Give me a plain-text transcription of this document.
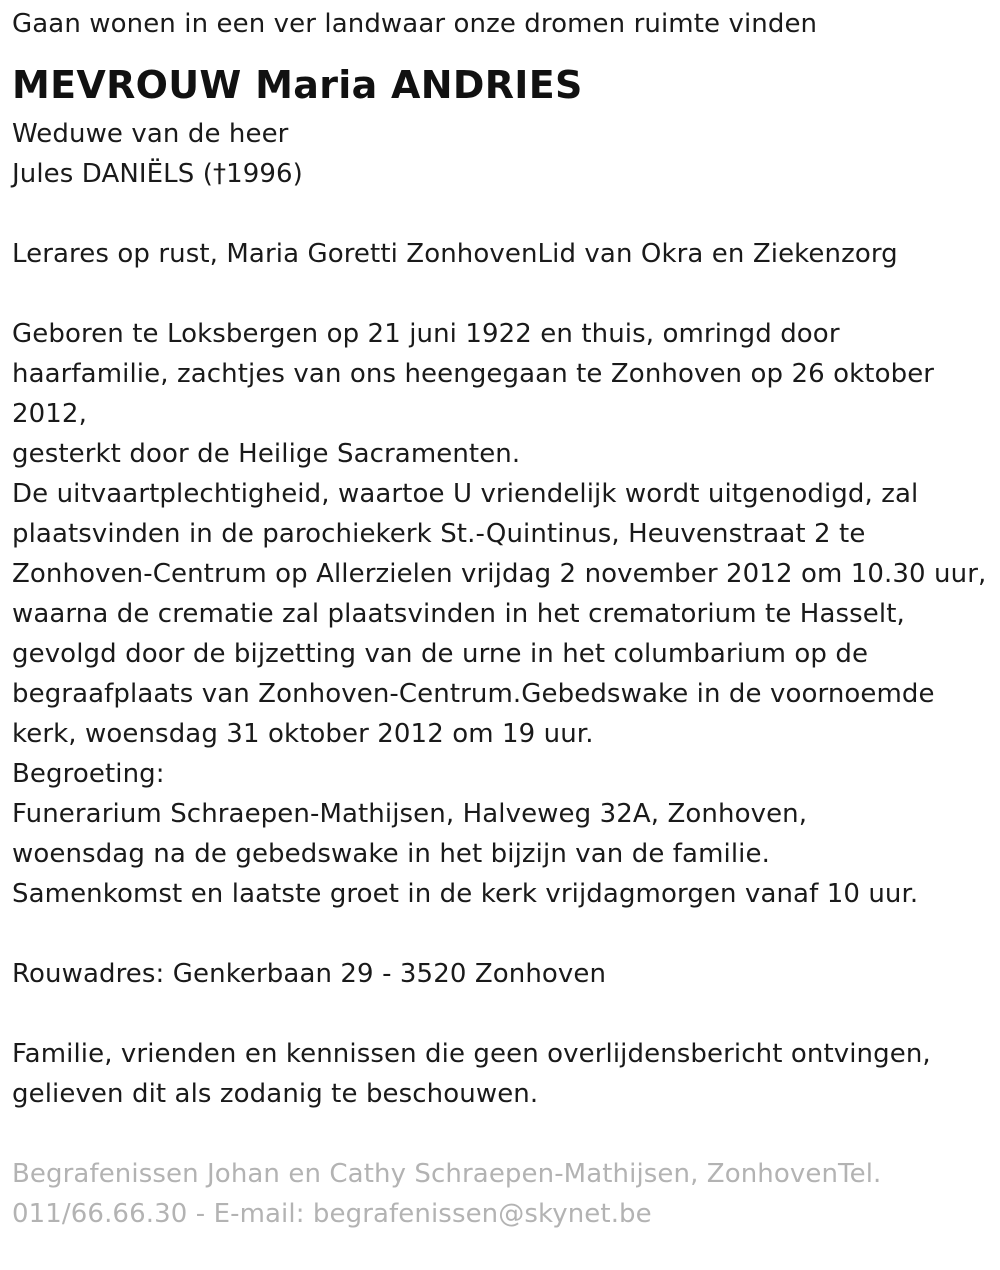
Gaan wonen in een ver landwaar onze dromen ruimte vinden
MEVROUW Maria ANDRIES
Weduwe van de heer
Jules DANIËLS (†1996)
Lerares op rust, Maria Goretti ZonhovenLid van Okra en Ziekenzorg
Geboren te Loksbergen op 21 juni 1922 en thuis, omringd door
haarfamilie, zachtjes van ons heengegaan te Zonhoven op 26 oktober
2012,
gesterkt door de Heilige Sacramenten.
De uitvaartplechtigheid, waartoe U vriendelijk wordt uitgenodigd, zal
plaatsvinden in de parochiekerk St.-Quintinus, Heuvenstraat 2 te
Zonhoven-Centrum op Allerzielen vrijdag 2 november 2012 om 10.30 uur,
waarna de crematie zal plaatsvinden in het crematorium te Hasselt,
gevolgd door de bijzetting van de urne in het columbarium op de
begraafplaats van Zonhoven-Centrum.Gebedswake in de voornoemde
kerk, woensdag 31 oktober 2012 om 19 uur.
Begroeting:
Funerarium Schraepen-Mathijsen, Halveweg 32A, Zonhoven,
woensdag na de gebedswake in het bijzijn van de familie.
Samenkomst en laatste groet in de kerk vrijdagmorgen vanaf 10 uur.
Rouwadres: Genkerbaan 29 - 3520 Zonhoven
Familie, vrienden en kennissen die geen overlijdensbericht ontvingen,
gelieven dit als zodanig te beschouwen.
Begrafenissen Johan en Cathy Schraepen-Mathijsen, ZonhovenTel.
011/66.66.30 - E-mail: begrafenissen@skynet.be
